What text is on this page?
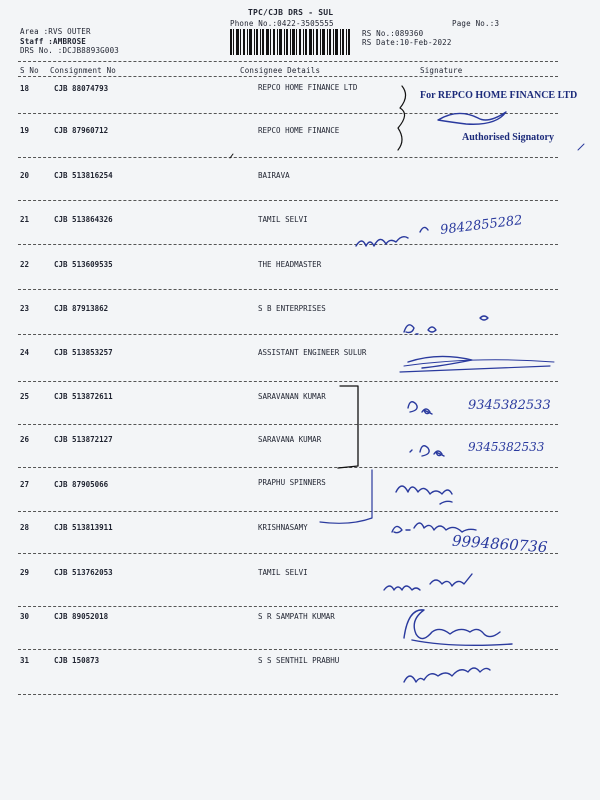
TPC/CJB DRS - SUL
Phone No.:0422-3505555	Page No.:3
Area :RVS OUTER
Staff :AMBROSE
DRS No. :DCJB8893G003
RS No.:089360
RS Date:10-Feb-2022
S No Consignment No	Consignee Details	Signature
18	CJB 88074793	REPCO HOME FINANCE LTD
19	CJB 87960712	REPCO HOME FINANCE
20	CJB 513816254	BAIRAVA
21	CJB 513864326	TAMIL SELVI
22	CJB 513609535	THE HEADMASTER
23	CJB 87913862	S B ENTERPRISES
24	CJB 513853257	ASSISTANT ENGINEER SULUR
25	CJB 513872611	SARAVANAN KUMAR
26	CJB 513872127	SARAVANA KUMAR
27	CJB 87905066	PRAPHU SPINNERS
28	CJB 513813911	KRISHNASAMY
29	CJB 513762053	TAMIL SELVI
30	CJB 89052018	S R SAMPATH KUMAR
31	CJB 150873	S S SENTHIL PRABHU
For REPCO HOME FINANCE LTD
Authorised Signatory
9842855282
9345382533
9345382533
9994860736
